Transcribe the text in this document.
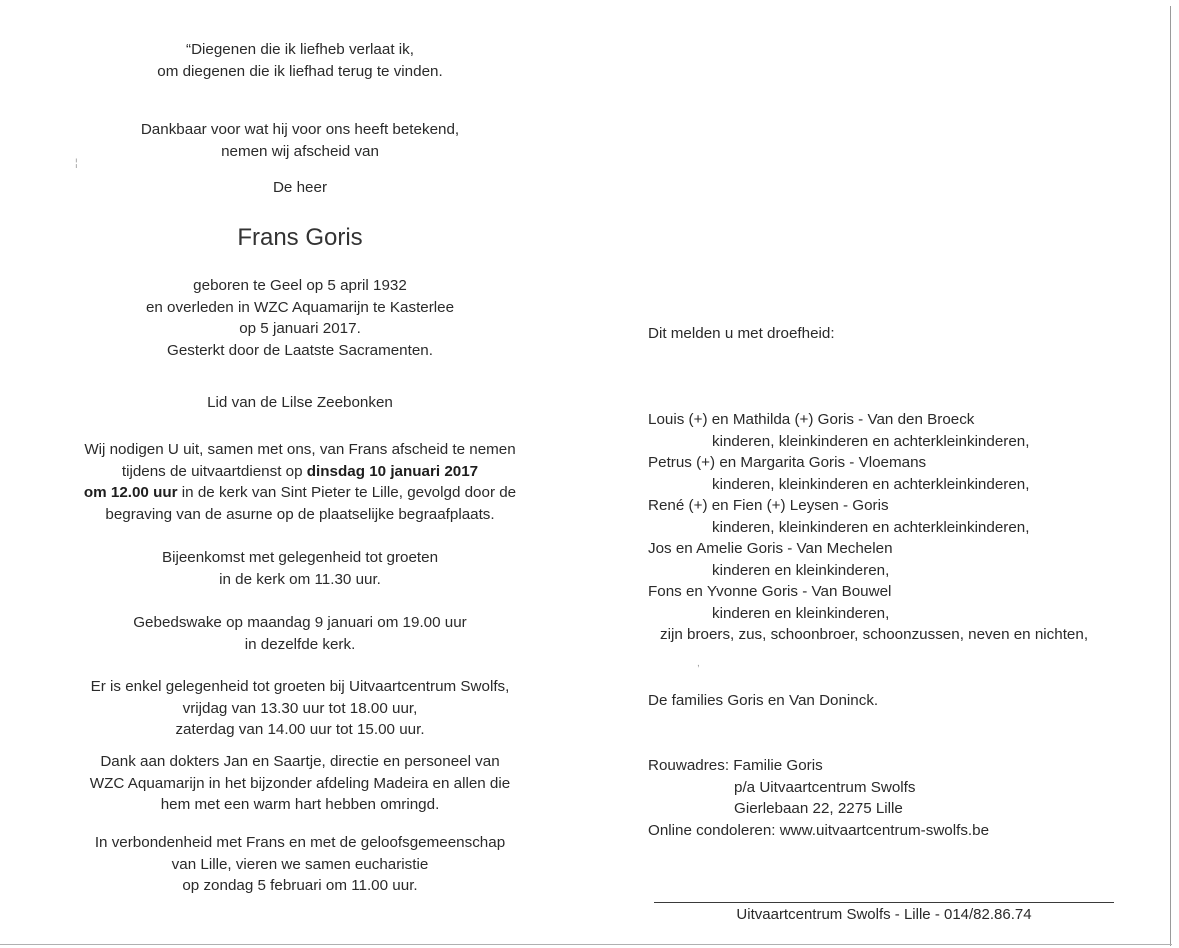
“Diegenen die ik liefheb verlaat ik,

om diegenen die ik liefhad terug te vinden.

Dankbaar voor wat hij voor ons heeft betekend,

nemen wij afscheid van

De heer

Frans Goris

geboren te Geel op 5 april 1932

en overleden in WZC Aquamarijn te Kasterlee

op 5 januari 2017.

Gesterkt door de Laatste Sacramenten.

Lid van de Lilse Zeebonken

Wij nodigen U uit, samen met ons, van Frans afscheid te nemen

tijdens de uitvaartdienst op dinsdag 10 januari 2017

om 12.00 uur in de kerk van Sint Pieter te Lille, gevolgd door de

begraving van de asurne op de plaatselijke begraafplaats.

Bijeenkomst met gelegenheid tot groeten

in de kerk om 11.30 uur.

Gebedswake op maandag 9 januari om 19.00 uur

in dezelfde kerk.

Er is enkel gelegenheid tot groeten bij Uitvaartcentrum Swolfs,

vrijdag van 13.30 uur tot 18.00 uur,

zaterdag van 14.00 uur tot 15.00 uur.

Dank aan dokters Jan en Saartje, directie en personeel van

WZC Aquamarijn in het bijzonder afdeling Madeira en allen die

hem met een warm hart hebben omringd.

In verbondenheid met Frans en met de geloofsgemeenschap

van Lille, vieren we samen eucharistie

op zondag 5 februari om 11.00 uur.

Dit melden u met droefheid:

Louis (+) en Mathilda (+) Goris - Van den Broeck

kinderen, kleinkinderen en achterkleinkinderen,

Petrus (+) en Margarita Goris - Vloemans

kinderen, kleinkinderen en achterkleinkinderen,

René (+) en Fien (+) Leysen - Goris

kinderen, kleinkinderen en achterkleinkinderen,

Jos en Amelie Goris - Van Mechelen

kinderen en kleinkinderen,

Fons en Yvonne Goris - Van Bouwel

kinderen en kleinkinderen,

zijn broers, zus, schoonbroer, schoonzussen, neven en nichten,

De families Goris en Van Doninck.

Rouwadres: Familie Goris

p/a Uitvaartcentrum Swolfs

Gierlebaan 22, 2275 Lille

Online condoleren: www.uitvaartcentrum-swolfs.be

Uitvaartcentrum Swolfs - Lille - 014/82.86.74
¦
,
